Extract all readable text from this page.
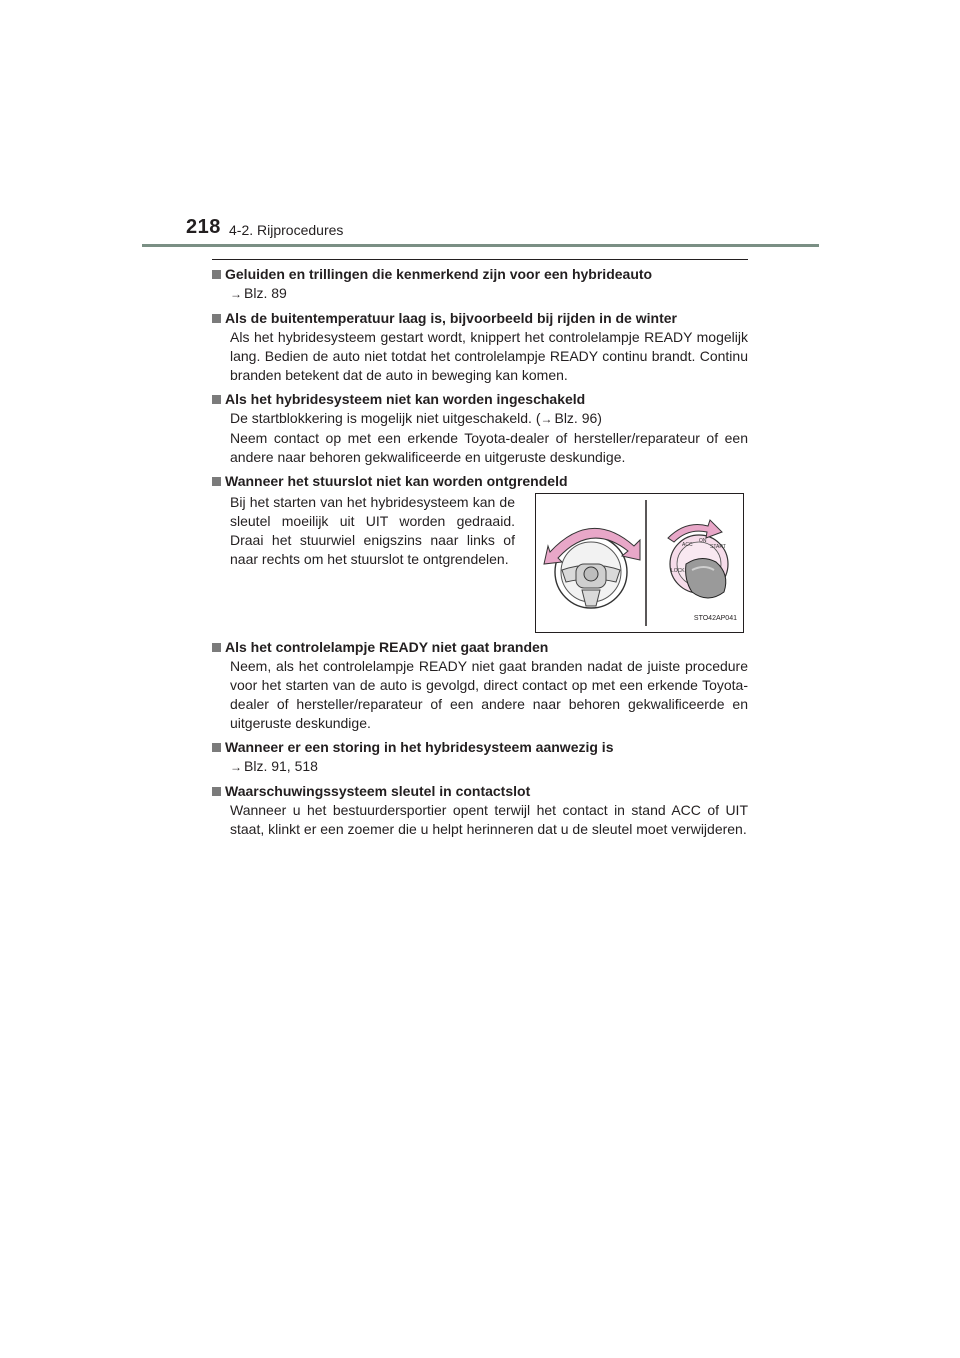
218 4-2. Rijprocedures
Geluiden en trillingen die kenmerkend zijn voor een hybrideauto
→ Blz. 89
Als de buitentemperatuur laag is, bijvoorbeeld bij rijden in de winter
Als het hybridesysteem gestart wordt, knippert het controlelampje READY mogelijk lang. Bedien de auto niet totdat het controlelampje READY continu brandt. Continu branden betekent dat de auto in beweging kan komen.
Als het hybridesysteem niet kan worden ingeschakeld
De startblokkering is mogelijk niet uitgeschakeld. (→ Blz. 96)
Neem contact op met een erkende Toyota-dealer of hersteller/reparateur of een andere naar behoren gekwalificeerde en uitgeruste deskundige.
Wanneer het stuurslot niet kan worden ontgrendeld
Bij het starten van het hybridesysteem kan de sleutel moeilijk uit UIT worden gedraaid. Draai het stuurwiel enigszins naar links of naar rechts om het stuurslot te ontgrendelen.
LOCK
ACC
ON
START
STO42AP041
Als het controlelampje READY niet gaat branden
Neem, als het controlelampje READY niet gaat branden nadat de juiste procedure voor het starten van de auto is gevolgd, direct contact op met een erkende Toyota-dealer of hersteller/reparateur of een andere naar behoren gekwalificeerde en uitgeruste deskundige.
Wanneer er een storing in het hybridesysteem aanwezig is
→ Blz. 91, 518
Waarschuwingssysteem sleutel in contactslot
Wanneer u het bestuurdersportier opent terwijl het contact in stand ACC of UIT staat, klinkt er een zoemer die u helpt herinneren dat u de sleutel moet verwijderen.
